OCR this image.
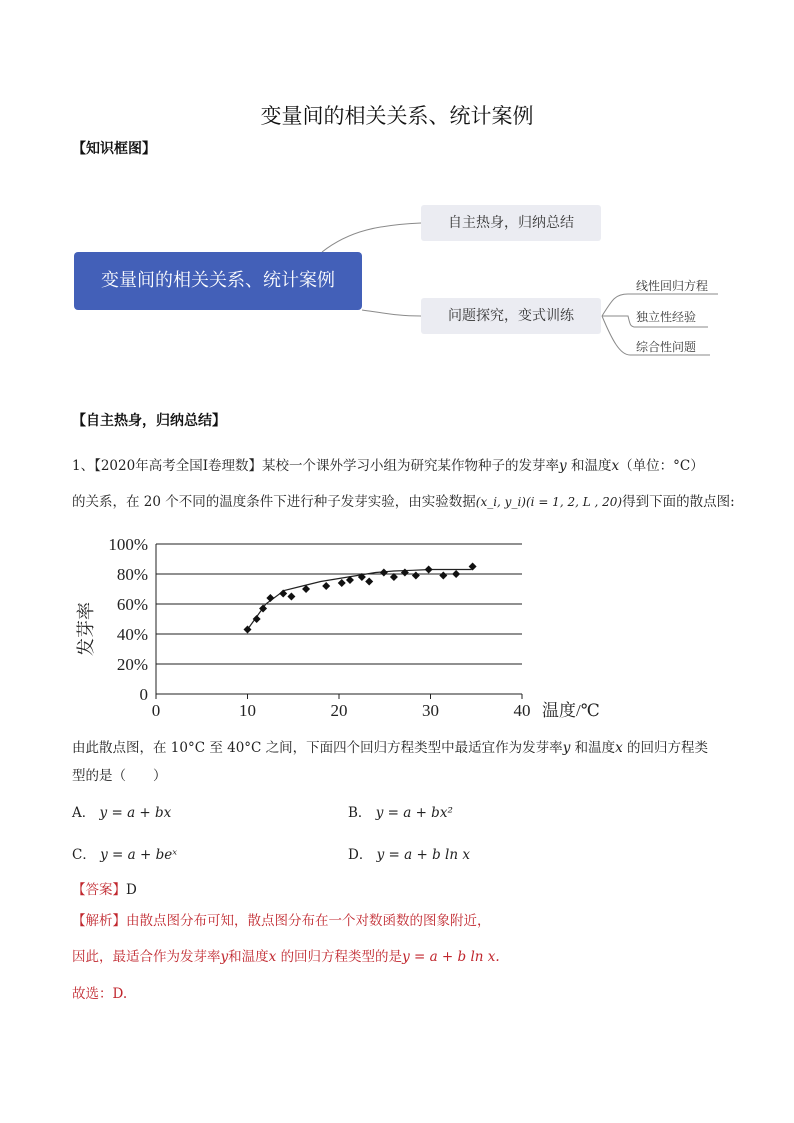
变量间的相关关系、统计案例
【知识框图】
变量间的相关关系、统计案例
自主热身，归纳总结
问题探究，变式训练
线性回归方程
独立性经验
综合性问题
【自主热身，归纳总结】
1、【2020年高考全国Ⅰ卷理数】某校一个课外学习小组为研究某作物种子的发芽率y 和温度x（单位：°C）
的关系，在 20 个不同的温度条件下进行种子发芽实验，由实验数据(x_i, y_i)(i = 1, 2, L , 20)得到下面的散点图:
0
20%
40%
60%
80%
100%
0	10	20	30	40 温度/℃
发芽率
由此散点图，在 10°C 至 40°C 之间，下面四个回归方程类型中最适宜作为发芽率y 和温度x 的回归方程类
型的是（　　）
A． y = a + bx	B． y = a + bx²
C． y = a + beˣ	D． y = a + b ln x
【答案】D
【解析】由散点图分布可知，散点图分布在一个对数函数的图象附近，
因此，最适合作为发芽率y和温度x 的回归方程类型的是y = a + b ln x.
故选：D.
